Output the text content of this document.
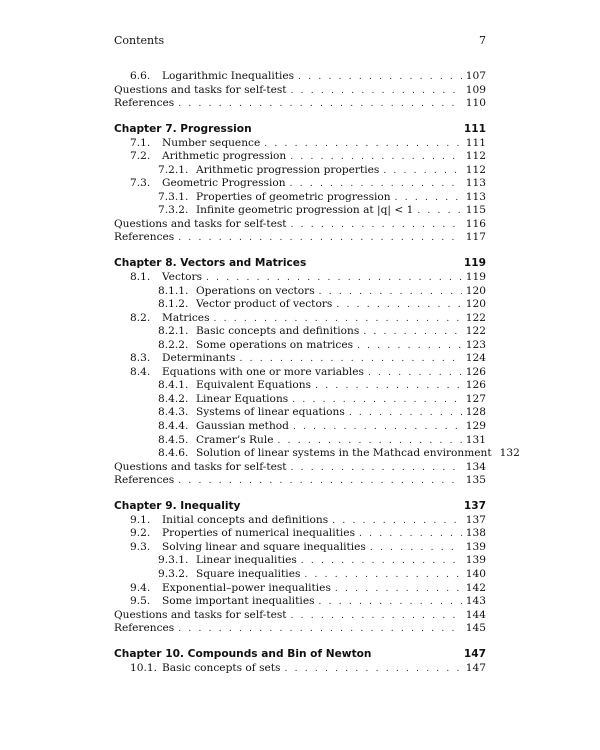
Contents	7
6.6.	Logarithmic Inequalities . . .	107
Questions and tasks for self-test . . .	109
References . . .	110
Chapter 7. Progression	111
7.1.	Number sequence . . .	111
7.2.	Arithmetic progression . . .	112
7.2.1. Arithmetic progression properties . . .	112
7.3.	Geometric Progression . . .	113
7.3.1. Properties of geometric progression . . .	113
7.3.2. Infinite geometric progression at |q| < 1 . . .	115
Questions and tasks for self-test . . .	116
References . . .	117
Chapter 8. Vectors and Matrices	119
8.1.	Vectors . . .	119
8.1.1. Operations on vectors . . .	120
8.1.2. Vector product of vectors . . .	120
8.2.	Matrices . . .	122
8.2.1. Basic concepts and definitions . . .	122
8.2.2. Some operations on matrices . . .	123
8.3.	Determinants . . .	124
8.4.	Equations with one or more variables . . .	126
8.4.1. Equivalent Equations . . .	126
8.4.2. Linear Equations . . .	127
8.4.3. Systems of linear equations . . .	128
8.4.4. Gaussian method . . .	129
8.4.5. Cramer’s Rule . . .	131
8.4.6. Solution of linear systems in the Mathcad environment 132
Questions and tasks for self-test . . .	134
References . . .	135
Chapter 9. Inequality	137
9.1.	Initial concepts and definitions . . .	137
9.2.	Properties of numerical inequalities . . .	138
9.3.	Solving linear and square inequalities . . .	139
9.3.1. Linear inequalities . . .	139
9.3.2. Square inequalities . . .	140
9.4.	Exponential–power inequalities . . .	142
9.5.	Some important inequalities . . .	143
Questions and tasks for self-test . . .	144
References . . .	145
Chapter 10. Compounds and Bin of Newton	147
10.1. Basic concepts of sets . . .	147
